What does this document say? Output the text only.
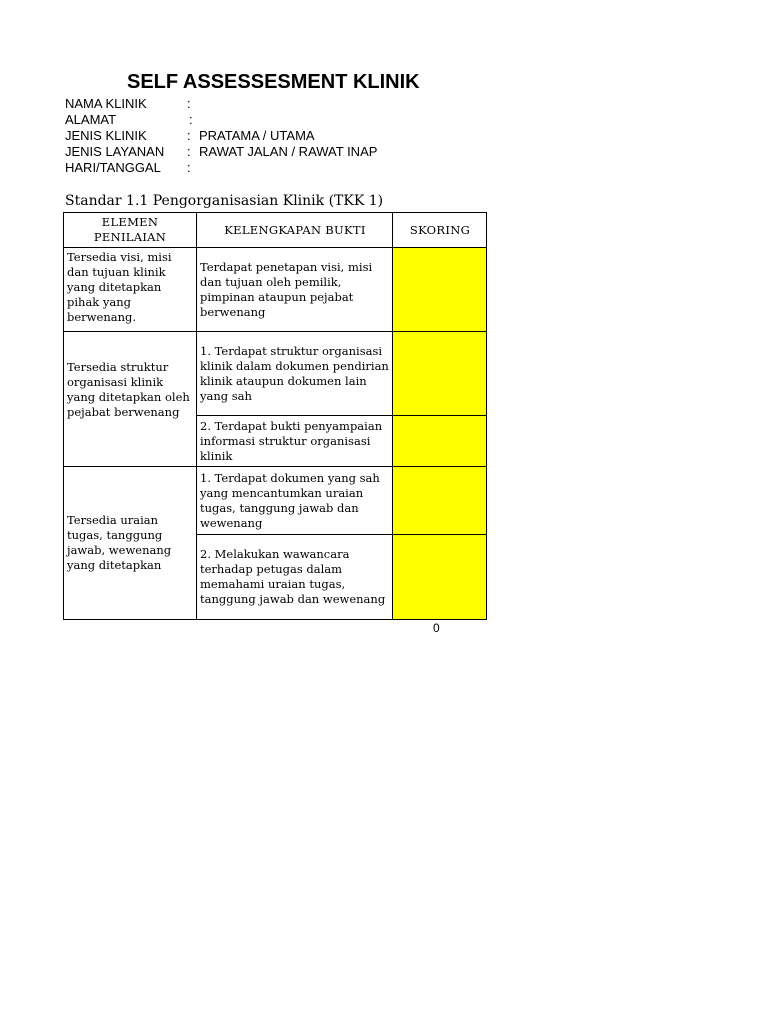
SELF ASSESSESMENT KLINIK
NAMA KLINIK	:
ALAMAT	:
JENIS KLINIK	: PRATAMA / UTAMA
JENIS LAYANAN : RAWAT JALAN / RAWAT INAP
HARI/TANGGAL :
Standar 1.1 Pengorganisasian Klinik (TKK 1)
ELEMEN PENILAIAN	KELENGKAPAN BUKTI	SKORING
Tersedia visi, misi dan tujuan klinik yang ditetapkan pihak yang berwenang.	Terdapat penetapan visi, misi dan tujuan oleh pemilik, pimpinan ataupun pejabat berwenang	
Tersedia struktur organisasi klinik yang ditetapkan oleh pejabat berwenang	1. Terdapat struktur organisasi klinik dalam dokumen pendirian klinik ataupun dokumen lain yang sah	
	2. Terdapat bukti penyampaian informasi struktur organisasi klinik	
Tersedia uraian tugas, tanggung jawab, wewenang yang ditetapkan	1. Terdapat dokumen yang sah yang mencantumkan uraian tugas, tanggung jawab dan wewenang	
	2. Melakukan wawancara terhadap petugas dalam memahami uraian tugas, tanggung jawab dan wewenang	
0
